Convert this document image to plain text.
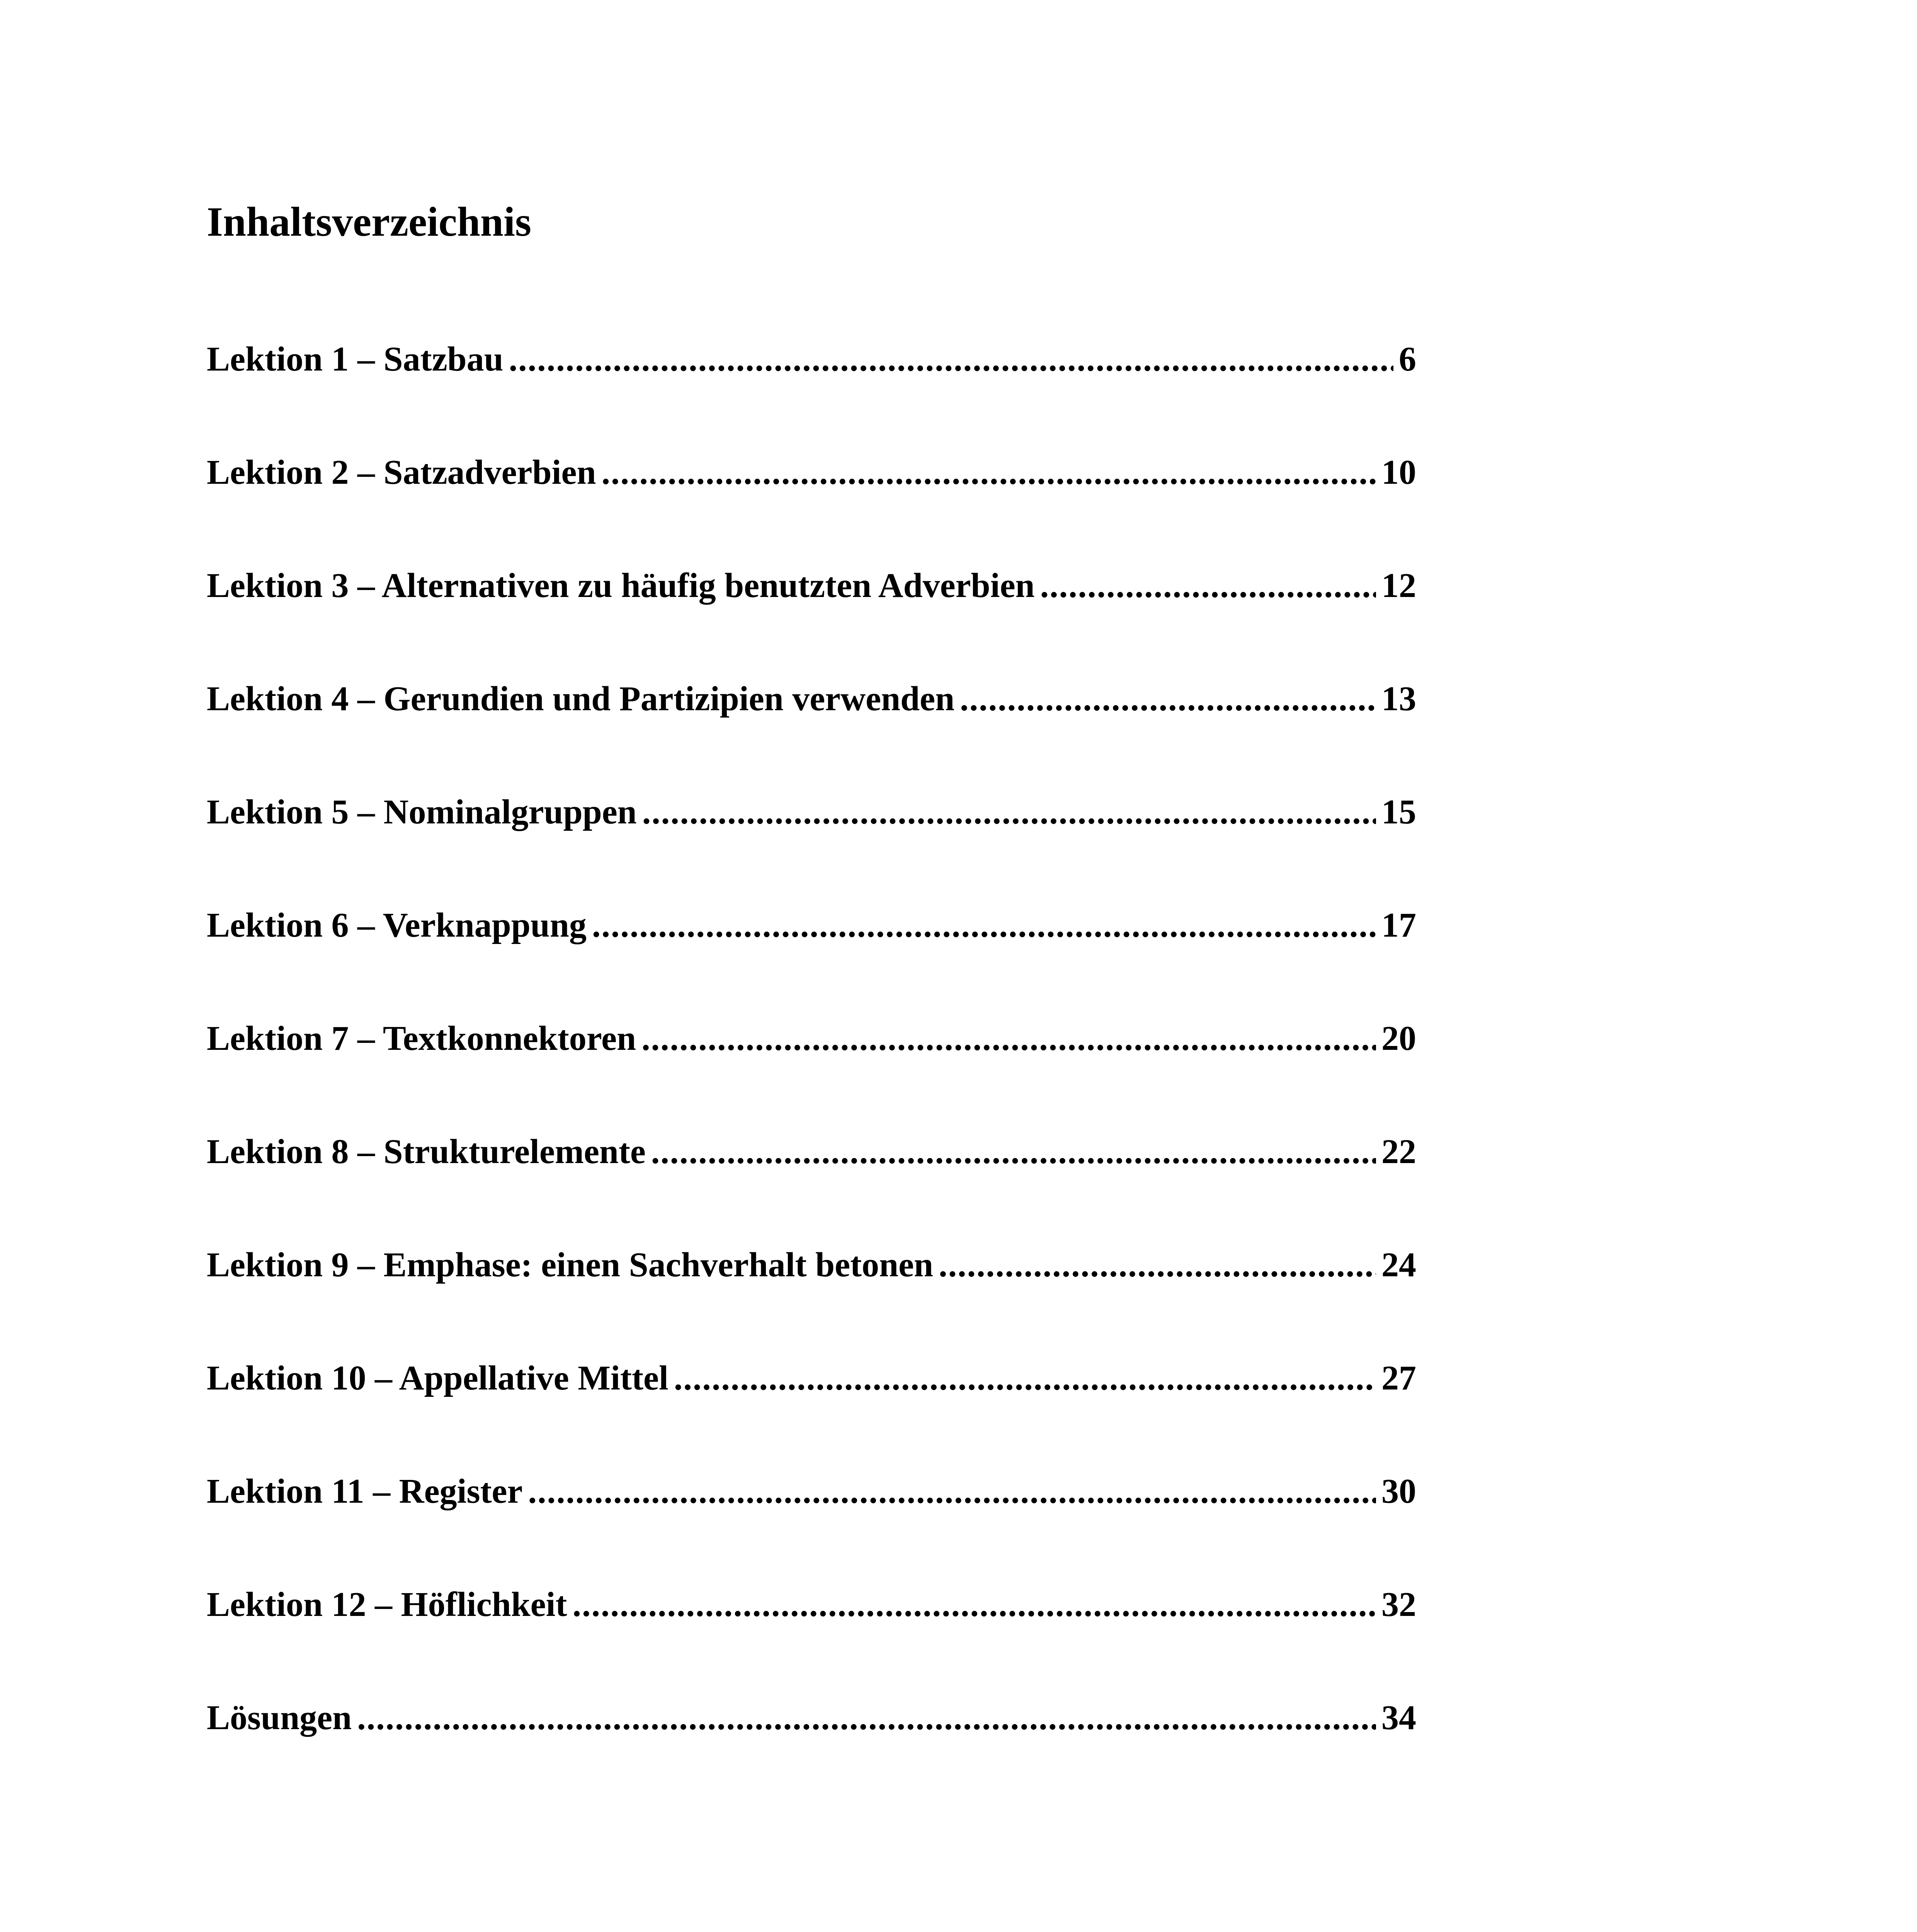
Inhaltsverzeichnis
Lektion 1 – Satzbau .....	6
Lektion 2 – Satzadverbien .....	10
Lektion 3 – Alternativen zu häufig benutzten Adverbien .....	12
Lektion 4 – Gerundien und Partizipien verwenden .....	13
Lektion 5 – Nominalgruppen .....	15
Lektion 6 – Verknappung .....	17
Lektion 7 – Textkonnektoren .....	20
Lektion 8 – Strukturelemente .....	22
Lektion 9 – Emphase: einen Sachverhalt betonen .....	24
Lektion 10 – Appellative Mittel .....	27
Lektion 11 – Register .....	30
Lektion 12 – Höflichkeit .....	32
Lösungen .....	34
